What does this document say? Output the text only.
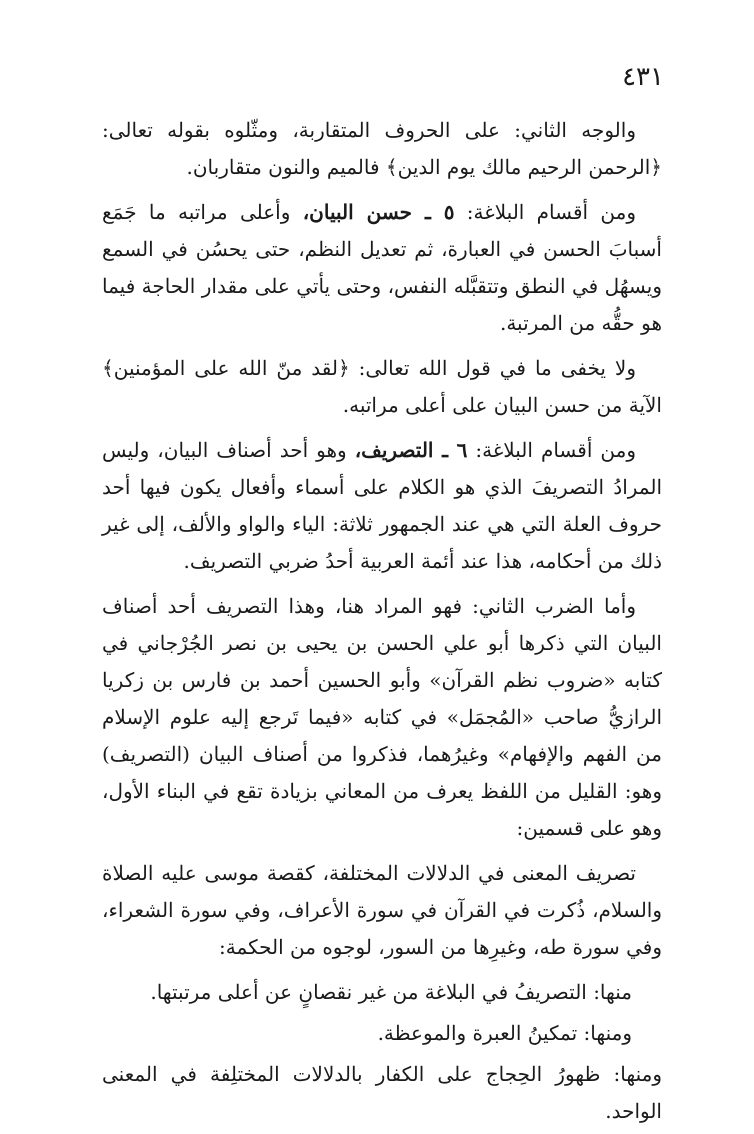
٤٣١

والوجه الثاني: على الحروف المتقاربة، ومثّلوه بقوله تعالى: ﴿الرحمن الرحيم مالك يوم الدين﴾ فالميم والنون متقاربان.

ومن أقسام البلاغة: ٥ ـ حسن البيان، وأعلى مراتبه ما جَمَع أسبابَ الحسن في العبارة، ثم تعديل النظم، حتى يحسُن في السمع ويسهُل في النطق وتتقبَّله النفس، وحتى يأتي على مقدار الحاجة فيما هو حقُّه من المرتبة.

ولا يخفى ما في قول الله تعالى: ﴿لقد منّ الله على المؤمنين﴾ الآية من حسن البيان على أعلى مراتبه.

ومن أقسام البلاغة: ٦ ـ التصريف، وهو أحد أصناف البيان، وليس المرادُ التصريفَ الذي هو الكلام على أسماء وأفعال يكون فيها أحد حروف العلة التي هي عند الجمهور ثلاثة: الياء والواو والألف، إلى غير ذلك من أحكامه، هذا عند أئمة العربية أحدُ ضربي التصريف.

وأما الضرب الثاني: فهو المراد هنا، وهذا التصريف أحد أصناف البيان التي ذكرها أبو علي الحسن بن يحيى بن نصر الجُرْجاني في كتابه «ضروب نظم القرآن» وأبو الحسين أحمد بن فارس بن زكريا الرازيُّ صاحب «المُجمَل» في كتابه «فيما تَرجع إليه علوم الإسلام من الفهم والإفهام» وغيرُهما، فذكروا من أصناف البيان (التصريف) وهو: القليل من اللفظ يعرف من المعاني بزيادة تقع في البناء الأول، وهو على قسمين:

تصريف المعنى في الدلالات المختلفة، كقصة موسى عليه الصلاة والسلام، ذُكرت في القرآن في سورة الأعراف، وفي سورة الشعراء، وفي سورة طه، وغيرِها من السور، لوجوه من الحكمة:

منها: التصريفُ في البلاغة من غير نقصانٍ عن أعلى مرتبتها.

ومنها: تمكينُ العبرة والموعظة.

ومنها: ظهورُ الحِجاج على الكفار بالدلالات المختلِفة في المعنى الواحد.
